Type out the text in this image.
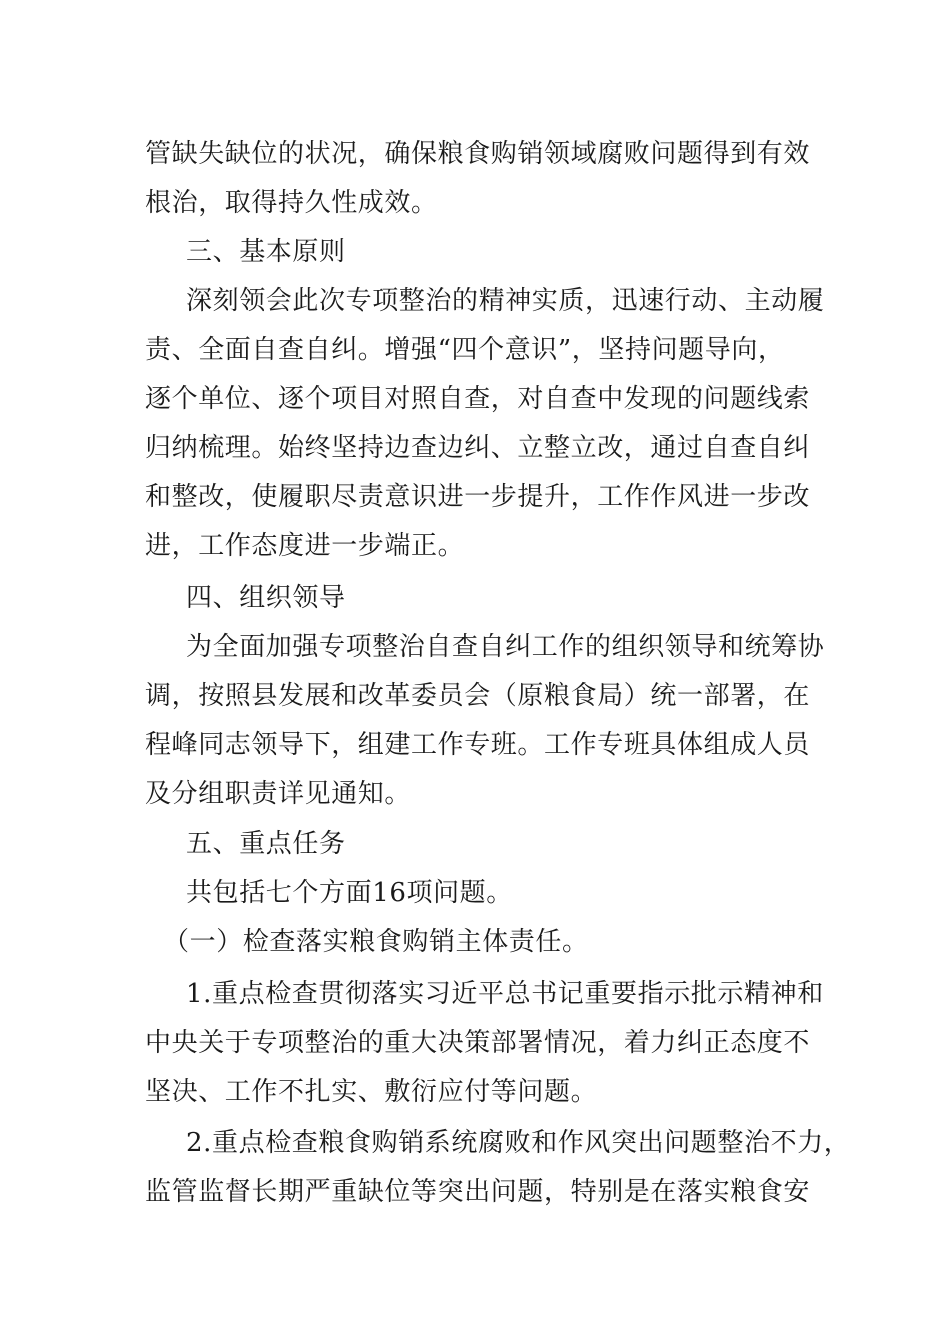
管缺失缺位的状况，确保粮食购销领域腐败问题得到有效
根治，取得持久性成效。
三、基本原则
深刻领会此次专项整治的精神实质，迅速行动、主动履
责、全面自查自纠。增强“四个意识”，坚持问题导向，
逐个单位、逐个项目对照自查，对自查中发现的问题线索
归纳梳理。始终坚持边查边纠、立整立改，通过自查自纠
和整改，使履职尽责意识进一步提升，工作作风进一步改
进，工作态度进一步端正。
四、组织领导
为全面加强专项整治自查自纠工作的组织领导和统筹协
调，按照县发展和改革委员会（原粮食局）统一部署，在
程峰同志领导下，组建工作专班。工作专班具体组成人员
及分组职责详见通知。
五、重点任务
共包括七个方面16项问题。
（一）检查落实粮食购销主体责任。
1.重点检查贯彻落实习近平总书记重要指示批示精神和
中央关于专项整治的重大决策部署情况，着力纠正态度不
坚决、工作不扎实、敷衍应付等问题。
2.重点检查粮食购销系统腐败和作风突出问题整治不力，
监管监督长期严重缺位等突出问题，特别是在落实粮食安
